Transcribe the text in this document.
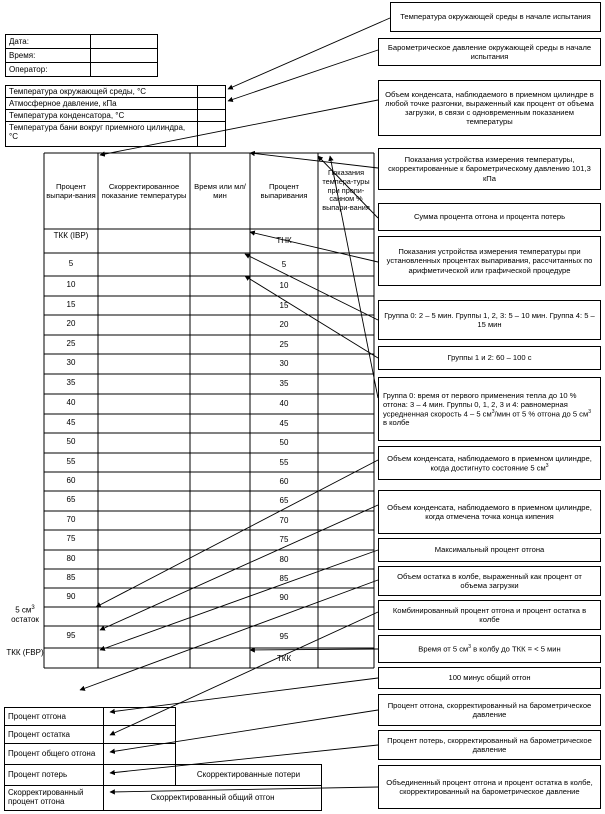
Дата:
Время:
Оператор:
Температура окружающей среды, °C
Атмосферное давление, кПа
Температура конденсатора, °C
Температура бани вокруг приемного цилиндра, °C
Процент выпари-вания
Скорректированное показание температуры
Время или мл/мин
Процент выпаривания
Показания темпера-туры при пропи-санном % выпари-вания
ТКК (IBP)
5
10
15
20
25
30
35
40
45
50
55
60
65
70
75
80
85
90
95
ТНК
5
10
15
20
25
30
35
40
45
50
55
60
65
70
75
80
85
90
95
ТКК
5 $см^3$
остаток
ТКК (FBP)
Процент отгона
Процент остатка
Процент общего отгона
Процент потерь	Скорректированные потери
Скорректированный процент отгона	Скорректированный общий отгон
Температура окружающей среды в начале испытания
Барометрическое давление окружающей среды в начале испытания
Объем конденсата, наблюдаемого в приемном цилиндре в любой точке разгонки, выраженный как процент от объема загрузки, в связи с одновременным показанием температуры
Показания устройства измерения температуры, скорректированные к барометрическому давлению 101,3 кПа
Сумма процента отгона и процента потерь
Показания устройства измерения температуры при установленных процентах выпаривания, рассчитанных по арифметической или графической процедуре
Группа 0: 2 – 5 мин. Группы 1, 2, 3: 5 – 10 мин. Группа 4: 5 – 15 мин
Группы 1 и 2: 60 – 100 с
Группа 0: время от первого применения тепла до 10 % отгона: 3 – 4 мин. Группы 0, 1, 2, 3 и 4: равномерная усредненная скорость 4 – 5 $см^3$/мин от 5 % отгона до 5 $см^3$ в колбе
Объем конденсата, наблюдаемого в приемном цилиндре, когда достигнуто состояние 5 $см^3$
Объем конденсата, наблюдаемого в приемном цилиндре, когда отмечена точка конца кипения
Максимальный процент отгона
Объем остатка в колбе, выраженный как процент от объема загрузки
Комбинированный процент отгона и процент остатка в колбе
Время от 5 $см^3$ в колбу до ТКК = < 5 мин
100 минус общий отгон
Процент отгона, скорректированный на барометрическое давление
Процент потерь, скорректированный на барометрическое давление
Объединенный процент отгона и процент остатка в колбе, скорректированный на барометрическое давление
